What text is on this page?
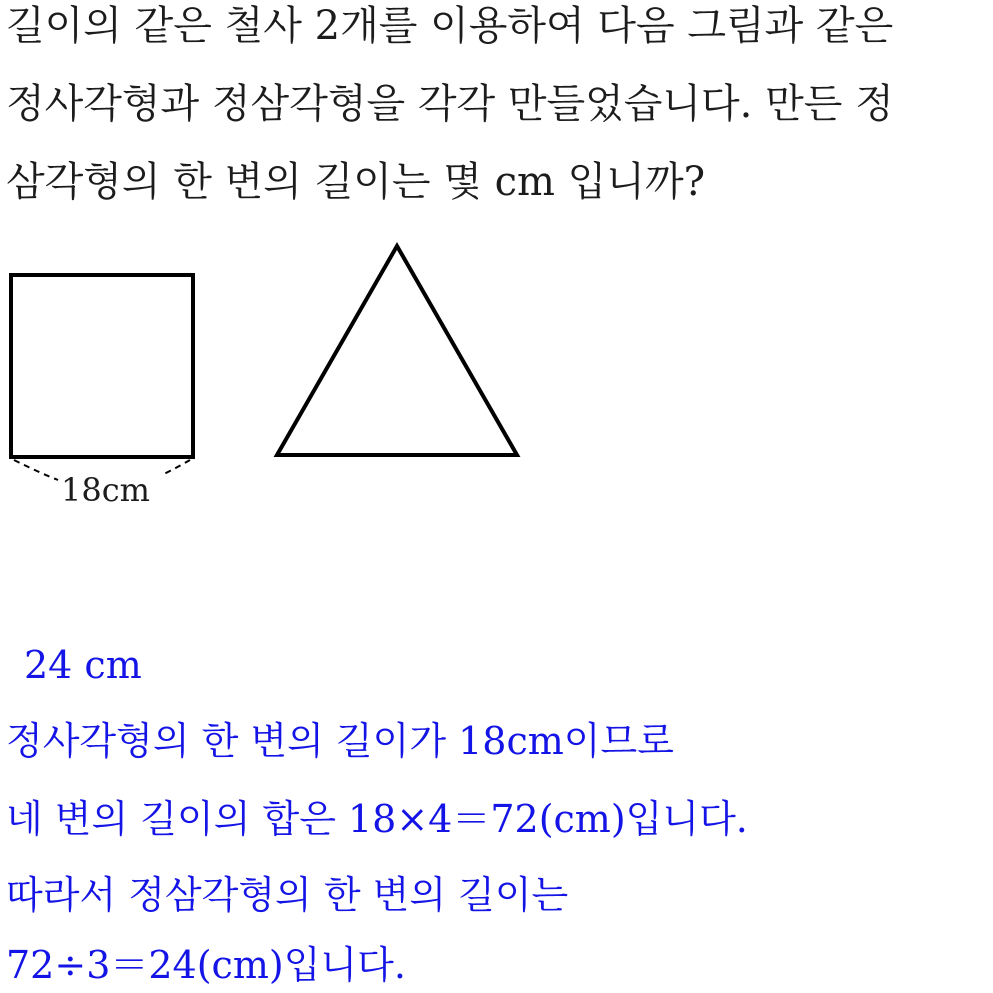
길이의 같은 철사 2개를 이용하여 다음 그림과 같은
정사각형과 정삼각형을 각각 만들었습니다. 만든 정
삼각형의 한 변의 길이는 몇 cm 입니까?
18cm
24 cm
정사각형의 한 변의 길이가 18cm이므로
네 변의 길이의 합은 18×4＝72(cm)입니다.
따라서 정삼각형의 한 변의 길이는
72÷3＝24(cm)입니다.
